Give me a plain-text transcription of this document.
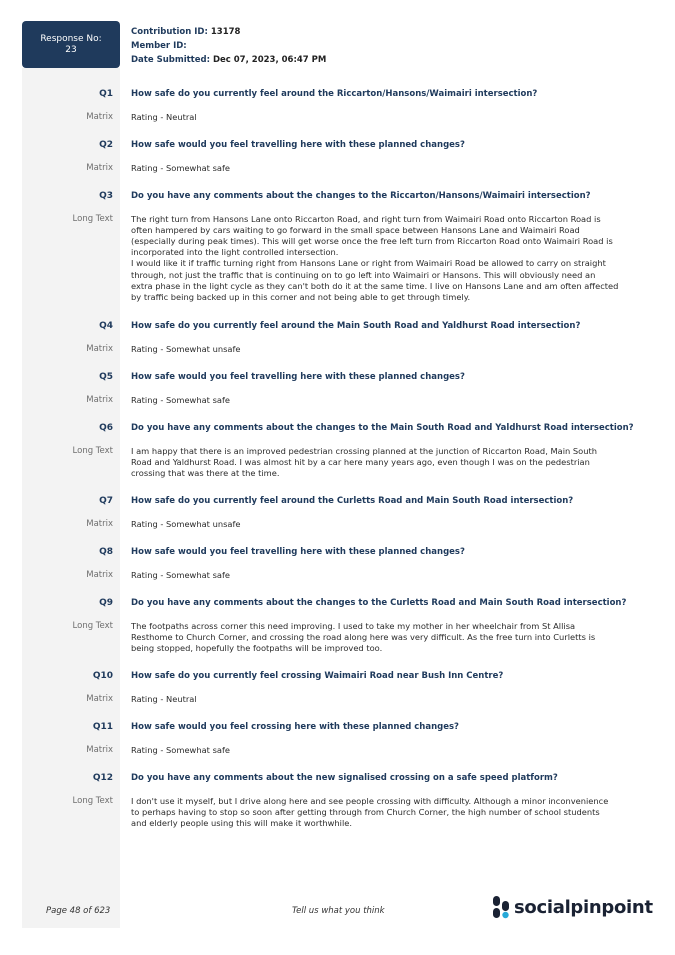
Response No:
23
Contribution ID: 13178
Member ID:
Date Submitted: Dec 07, 2023, 06:47 PM
Q1 How safe do you currently feel around the Riccarton/Hansons/Waimairi intersection?
Matrix Rating - Neutral
Q2 How safe would you feel travelling here with these planned changes?
Matrix Rating - Somewhat safe
Q3 Do you have any comments about the changes to the Riccarton/Hansons/Waimairi intersection?
Long Text The right turn from Hansons Lane onto Riccarton Road, and right turn from Waimairi Road onto Riccarton Road is
often hampered by cars waiting to go forward in the small space between Hansons Lane and Waimairi Road
(especially during peak times). This will get worse once the free left turn from Riccarton Road onto Waimairi Road is
incorporated into the light controlled intersection.
I would like it if traffic turning right from Hansons Lane or right from Waimairi Road be allowed to carry on straight
through, not just the traffic that is continuing on to go left into Waimairi or Hansons. This will obviously need an
extra phase in the light cycle as they can't both do it at the same time. I live on Hansons Lane and am often affected
by traffic being backed up in this corner and not being able to get through timely.
Q4 How safe do you currently feel around the Main South Road and Yaldhurst Road intersection?
Matrix Rating - Somewhat unsafe
Q5 How safe would you feel travelling here with these planned changes?
Matrix Rating - Somewhat safe
Q6 Do you have any comments about the changes to the Main South Road and Yaldhurst Road intersection?
Long Text I am happy that there is an improved pedestrian crossing planned at the junction of Riccarton Road, Main South
Road and Yaldhurst Road. I was almost hit by a car here many years ago, even though I was on the pedestrian
crossing that was there at the time.
Q7 How safe do you currently feel around the Curletts Road and Main South Road intersection?
Matrix Rating - Somewhat unsafe
Q8 How safe would you feel travelling here with these planned changes?
Matrix Rating - Somewhat safe
Q9 Do you have any comments about the changes to the Curletts Road and Main South Road intersection?
Long Text The footpaths across corner this need improving. I used to take my mother in her wheelchair from St Allisa
Resthome to Church Corner, and crossing the road along here was very difficult. As the free turn into Curletts is
being stopped, hopefully the footpaths will be improved too.
Q10 How safe do you currently feel crossing Waimairi Road near Bush Inn Centre?
Matrix Rating - Neutral
Q11 How safe would you feel crossing here with these planned changes?
Matrix Rating - Somewhat safe
Q12 Do you have any comments about the new signalised crossing on a safe speed platform?
Long Text I don't use it myself, but I drive along here and see people crossing with difficulty. Although a minor inconvenience
to perhaps having to stop so soon after getting through from Church Corner, the high number of school students
and elderly people using this will make it worthwhile.
Page 48 of 623	Tell us what you think	socialpinpoint
